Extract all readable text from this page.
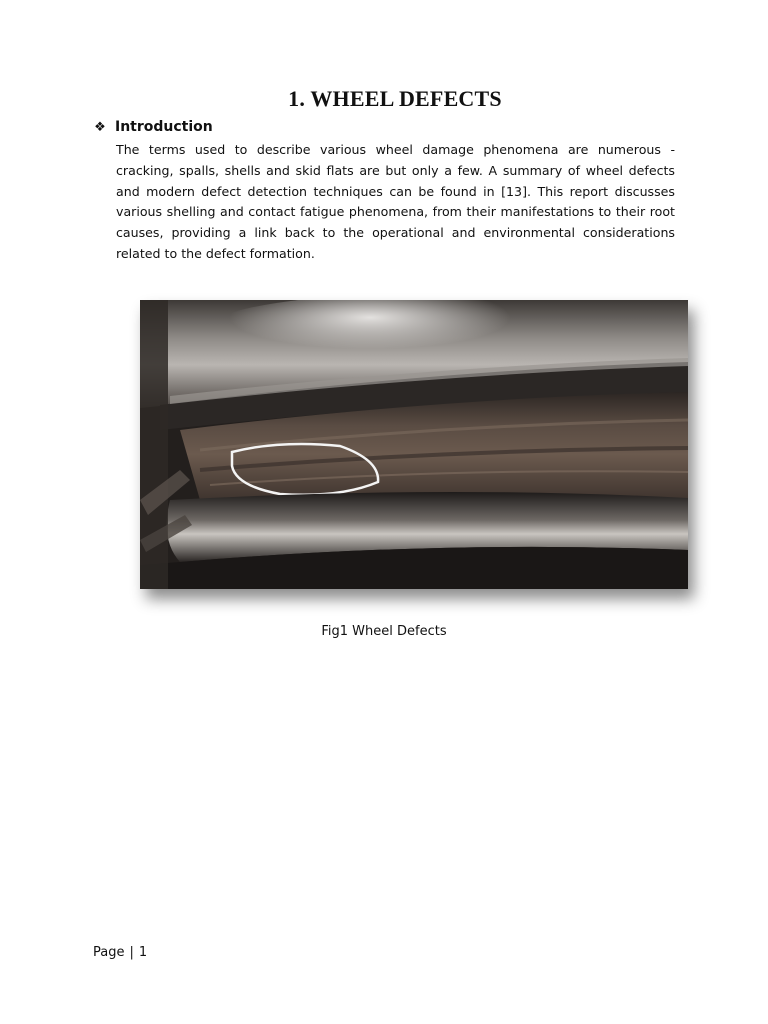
1. WHEEL DEFECTS
❖ Introduction

The terms used to describe various wheel damage phenomena are numerous - cracking, spalls, shells and skid flats are but only a few. A summary of wheel defects and modern defect detection techniques can be found in [13]. This report discusses various shelling and contact fatigue phenomena, from their manifestations to their root causes, providing a link back to the operational and environmental considerations related to the defect formation.

Fig1 Wheel Defects
Page | 1
